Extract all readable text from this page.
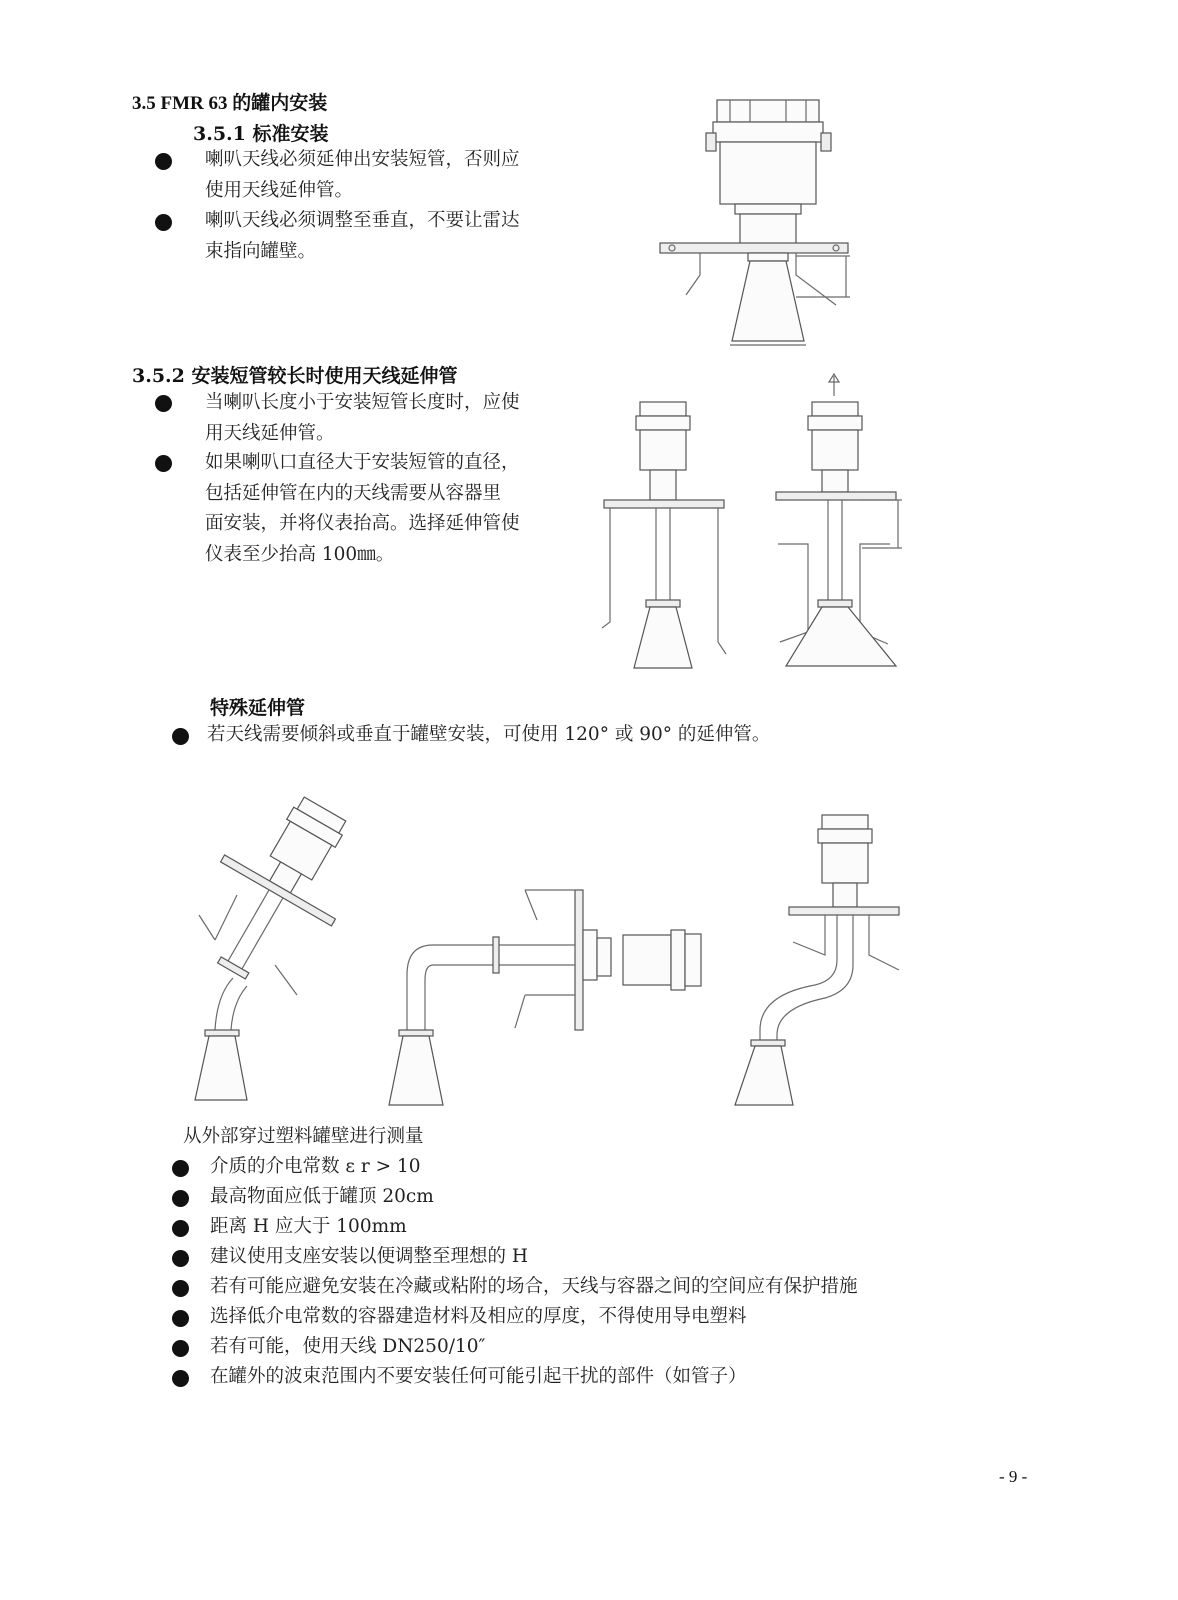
3.5 FMR 63 的罐内安装
3.5.1 标准安装
喇叭天线必须延伸出安装短管，否则应
使用天线延伸管。
喇叭天线必须调整至垂直，不要让雷达
束指向罐壁。
3.5.2 安装短管较长时使用天线延伸管
当喇叭长度小于安装短管长度时，应使
用天线延伸管。
如果喇叭口直径大于安装短管的直径，
包括延伸管在内的天线需要从容器里
面安装，并将仪表抬高。选择延伸管使
仪表至少抬高 100㎜。
特殊延伸管
若天线需要倾斜或垂直于罐壁安装，可使用 120° 或 90° 的延伸管。
从外部穿过塑料罐壁进行测量
介质的介电常数 ε r > 10
最高物面应低于罐顶 20cm
距离 H 应大于 100mm
建议使用支座安装以便调整至理想的 H
若有可能应避免安装在冷藏或粘附的场合，天线与容器之间的空间应有保护措施
选择低介电常数的容器建造材料及相应的厚度，不得使用导电塑料
若有可能，使用天线 DN250/10″
在罐外的波束范围内不要安装任何可能引起干扰的部件（如管子）
- 9 -
